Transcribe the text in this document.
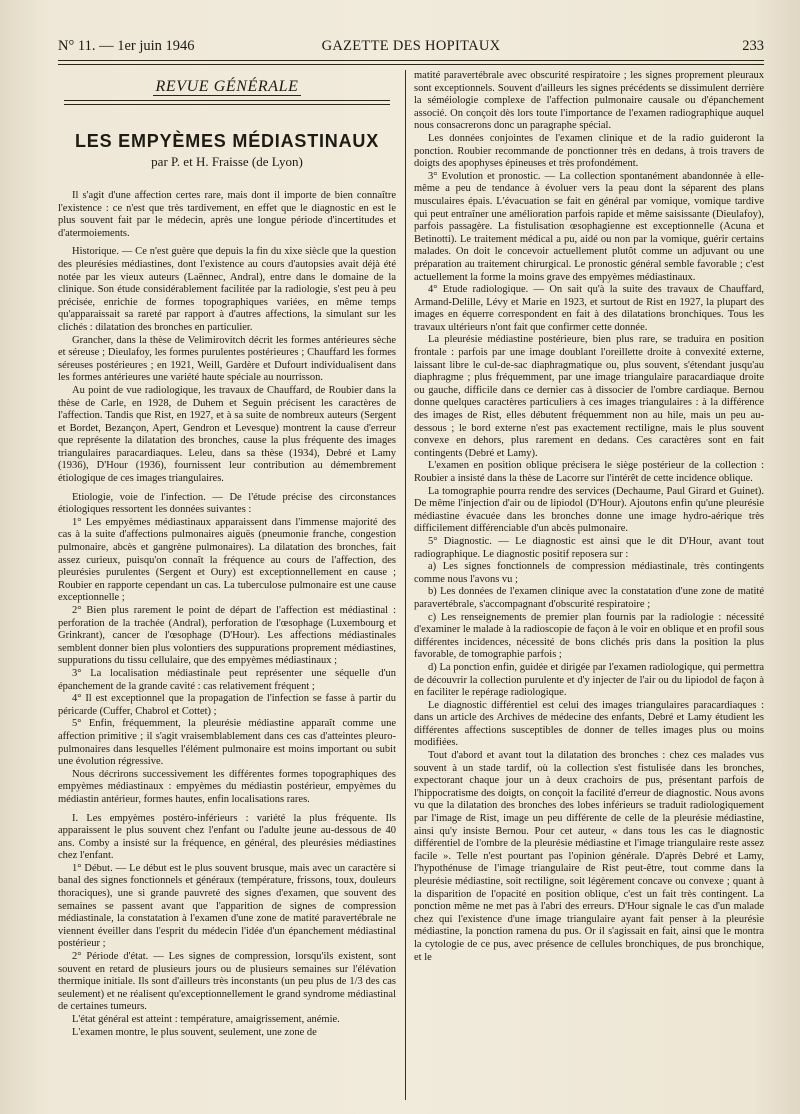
N° 11. — 1er juin 1946	GAZETTE DES HOPITAUX	233
REVUE GÉNÉRALE
LES EMPYÈMES MÉDIASTINAUX
par P. et H. Fraisse (de Lyon)

Il s'agit d'une affection certes rare, mais dont il importe de bien connaître l'existence : ce n'est que très tardivement, en effet que le diagnostic en est le plus souvent fait par le médecin, après une longue période d'incertitudes et d'atermoiements.

Historique. — Ce n'est guère que depuis la fin du xixe siècle que la question des pleurésies médiastines, dont l'existence au cours d'autopsies avait déjà été notée par les vieux auteurs (Laënnec, Andral), entre dans le domaine de la clinique. Son étude considérablement facilitée par la radiologie, s'est peu à peu précisée, enrichie de formes topographiques variées, en même temps qu'apparaissait sa rareté par rapport à d'autres affections, la simulant sur les clichés : dilatation des bronches en particulier.

Grancher, dans la thèse de Velimirovitch décrit les formes antérieures sèche et séreuse ; Dieulafoy, les formes purulentes postérieures ; Chauffard les formes séreuses postérieures ; en 1921, Weill, Gardère et Dufourt individualisent dans les formes antérieures une variété haute spéciale au nourrisson.

Au point de vue radiologique, les travaux de Chauffard, de Roubier dans la thèse de Carle, en 1928, de Duhem et Seguin précisent les caractères de l'affection. Tandis que Rist, en 1927, et à sa suite de nombreux auteurs (Sergent et Bordet, Bezançon, Apert, Gendron et Levesque) montrent la cause d'erreur que représente la dilatation des bronches, cause la plus fréquente des images triangulaires paracardiaques. Leleu, dans sa thèse (1934), Debré et Lamy (1936), D'Hour (1936), fournissent leur contribution au démembrement étiologique de ces images triangulaires.

Etiologie, voie de l'infection. — De l'étude précise des circonstances étiologiques ressortent les données suivantes :

1° Les empyèmes médiastinaux apparaissent dans l'immense majorité des cas à la suite d'affections pulmonaires aiguës (pneumonie franche, congestion pulmonaire, abcès et gangrène pulmonaires). La dilatation des bronches, fait assez curieux, puisqu'on connaît la fréquence au cours de l'affection, des pleurésies purulentes (Sergent et Oury) est exceptionnellement en cause ; Roubier en rapporte cependant un cas. La tuberculose pulmonaire est une cause exceptionnelle ;

2° Bien plus rarement le point de départ de l'affection est médiastinal : perforation de la trachée (Andral), perforation de l'œsophage (Luxembourg et Grinkrant), cancer de l'œsophage (D'Hour). Les affections médiastinales semblent donner bien plus volontiers des suppurations proprement médiastines, suppurations du tissu cellulaire, que des empyèmes médiastinaux ;

3° La localisation médiastinale peut représenter une séquelle d'un épanchement de la grande cavité : cas relativement fréquent ;

4° Il est exceptionnel que la propagation de l'infection se fasse à partir du péricarde (Cuffer, Chabrol et Cottet) ;

5° Enfin, fréquemment, la pleurésie médiastine apparaît comme une affection primitive ; il s'agit vraisemblablement dans ces cas d'atteintes pleuro-pulmonaires dans lesquelles l'élément pulmonaire est moins important ou subit une évolution régressive.

Nous décrirons successivement les différentes formes topographiques des empyèmes médiastinaux : empyèmes du médiastin postérieur, empyèmes du médiastin antérieur, formes hautes, enfin localisations rares.

I. Les empyèmes postéro-inférieurs : variété la plus fréquente. Ils apparaissent le plus souvent chez l'enfant ou l'adulte jeune au-dessous de 40 ans. Comby a insisté sur la fréquence, en général, des pleurésies médiastines chez l'enfant.

1° Début. — Le début est le plus souvent brusque, mais avec un caractère si banal des signes fonctionnels et généraux (température, frissons, toux, douleurs thoraciques), une si grande pauvreté des signes d'examen, que souvent des semaines se passent avant que l'apparition de signes de compression médiastinale, la constatation à l'examen d'une zone de matité paravertébrale ne viennent éveiller dans l'esprit du médecin l'idée d'un épanchement médiastinal postérieur ;

2° Période d'état. — Les signes de compression, lorsqu'ils existent, sont souvent en retard de plusieurs jours ou de plusieurs semaines sur l'élévation thermique initiale. Ils sont d'ailleurs très inconstants (un peu plus de 1/3 des cas seulement) et ne réalisent qu'exceptionnellement le grand syndrome médiastinal de certaines tumeurs.

L'état général est atteint : température, amaigrissement, anémie.

L'examen montre, le plus souvent, seulement, une zone de

matité paravertébrale avec obscurité respiratoire ; les signes proprement pleuraux sont exceptionnels. Souvent d'ailleurs les signes précédents se dissimulent derrière la séméiologie complexe de l'affection pulmonaire causale ou d'épanchement associé. On conçoit dès lors toute l'importance de l'examen radiographique auquel nous consacrerons donc un paragraphe spécial.

Les données conjointes de l'examen clinique et de la radio guideront la ponction. Roubier recommande de ponctionner très en dedans, à trois travers de doigts des apophyses épineuses et très profondément.

3° Evolution et pronostic. — La collection spontanément abandonnée à elle-même a peu de tendance à évoluer vers la peau dont la séparent des plans musculaires épais. L'évacuation se fait en général par vomique, vomique tardive qui peut entraîner une amélioration parfois rapide et même saisissante (Dieulafoy), parfois passagère. La fistulisation œsophagienne est exceptionnelle (Acuna et Betinotti). Le traitement médical a pu, aidé ou non par la vomique, guérir certains malades. On doit le concevoir actuellement plutôt comme un adjuvant ou une préparation au traitement chirurgical. Le pronostic général semble favorable ; c'est actuellement la forme la moins grave des empyèmes médiastinaux.

4° Etude radiologique. — On sait qu'à la suite des travaux de Chauffard, Armand-Delille, Lévy et Marie en 1923, et surtout de Rist en 1927, la plupart des images en équerre correspondent en fait à des dilatations bronchiques. Tous les travaux ultérieurs n'ont fait que confirmer cette donnée.

La pleurésie médiastine postérieure, bien plus rare, se traduira en position frontale : parfois par une image doublant l'oreillette droite à convexité externe, laissant libre le cul-de-sac diaphragmatique ou, plus souvent, s'étendant jusqu'au diaphragme ; plus fréquemment, par une image triangulaire paracardiaque droite ou gauche, difficile dans ce dernier cas à dissocier de l'ombre cardiaque. Bernou donne quelques caractères particuliers à ces images triangulaires : à la différence des images de Rist, elles débutent fréquemment non au hile, mais un peu au-dessous ; le bord externe n'est pas exactement rectiligne, mais le plus souvent convexe en dehors, plus rarement en dedans. Ces caractères sont en fait contingents (Debré et Lamy).

L'examen en position oblique précisera le siège postérieur de la collection : Roubier a insisté dans la thèse de Lacorre sur l'intérêt de cette incidence oblique.

La tomographie pourra rendre des services (Dechaume, Paul Girard et Guinet). De même l'injection d'air ou de lipiodol (D'Hour). Ajoutons enfin qu'une pleurésie médiastine évacuée dans les bronches donne une image hydro-aérique très difficilement différenciable d'un abcès pulmonaire.

5° Diagnostic. — Le diagnostic est ainsi que le dit D'Hour, avant tout radiographique. Le diagnostic positif reposera sur :

a) Les signes fonctionnels de compression médiastinale, très contingents comme nous l'avons vu ;

b) Les données de l'examen clinique avec la constatation d'une zone de matité paravertébrale, s'accompagnant d'obscurité respiratoire ;

c) Les renseignements de premier plan fournis par la radiologie : nécessité d'examiner le malade à la radioscopie de façon à le voir en oblique et en profil sous différentes incidences, nécessité de bons clichés pris dans la position la plus favorable, de tomographie parfois ;

d) La ponction enfin, guidée et dirigée par l'examen radiologique, qui permettra de découvrir la collection purulente et d'y injecter de l'air ou du lipiodol de façon à en faciliter le repérage radiologique.

Le diagnostic différentiel est celui des images triangulaires paracardiaques : dans un article des Archives de médecine des enfants, Debré et Lamy étudient les différentes affections susceptibles de donner de telles images plus ou moins modifiées.

Tout d'abord et avant tout la dilatation des bronches : chez ces malades vus souvent à un stade tardif, où la collection s'est fistulisée dans les bronches, expectorant chaque jour un à deux crachoirs de pus, présentant parfois de l'hippocratisme des doigts, on conçoit la facilité d'erreur de diagnostic. Nous avons vu que la dilatation des bronches des lobes inférieurs se traduit radiologiquement par l'image de Rist, image un peu différente de celle de la pleurésie médiastine, ainsi qu'y insiste Bernou. Pour cet auteur, « dans tous les cas le diagnostic différentiel de l'ombre de la pleurésie médiastine et l'image triangulaire reste assez facile ». Telle n'est pourtant pas l'opinion générale. D'après Debré et Lamy, l'hypothénuse de l'image triangulaire de Rist peut-être, tout comme dans la pleurésie médiastine, soit rectiligne, soit légèrement concave ou convexe ; quant à la disparition de l'opacité en position oblique, c'est un fait très contingent. La ponction même ne met pas à l'abri des erreurs. D'Hour signale le cas d'un malade chez qui l'existence d'une image triangulaire ayant fait penser à la pleurésie médiastine, la ponction ramena du pus. Or il s'agissait en fait, ainsi que le montra la cytologie de ce pus, avec présence de cellules bronchiques, de pus bronchique, et le
